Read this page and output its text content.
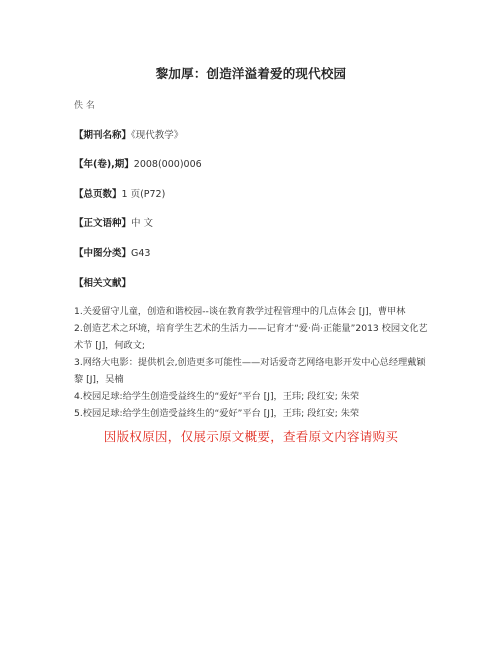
黎加厚：创造洋溢着爱的现代校园
佚 名
【期刊名称】《现代教学》
【年(卷),期】2008(000)006
【总页数】1 页(P72)
【正文语种】中 文
【中图分类】G43
【相关文献】
1.关爱留守儿童，创造和谐校园--谈在教育教学过程管理中的几点体会 [J]，曹甲林
2.创造艺术之环境，培育学生艺术的生活力——记育才“爱·尚·正能量”2013 校园文化艺术节 [J]，何政文;
3.网络大电影：提供机会,创造更多可能性——对话爱奇艺网络电影开发中心总经理戴颖黎 [J]，吴楠
4.校园足球:给学生创造受益终生的“爱好”平台 [J]，王玮; 段红安; 朱荣
5.校园足球:给学生创造受益终生的“爱好”平台 [J]，王玮; 段红安; 朱荣
因版权原因，仅展示原文概要，查看原文内容请购买
